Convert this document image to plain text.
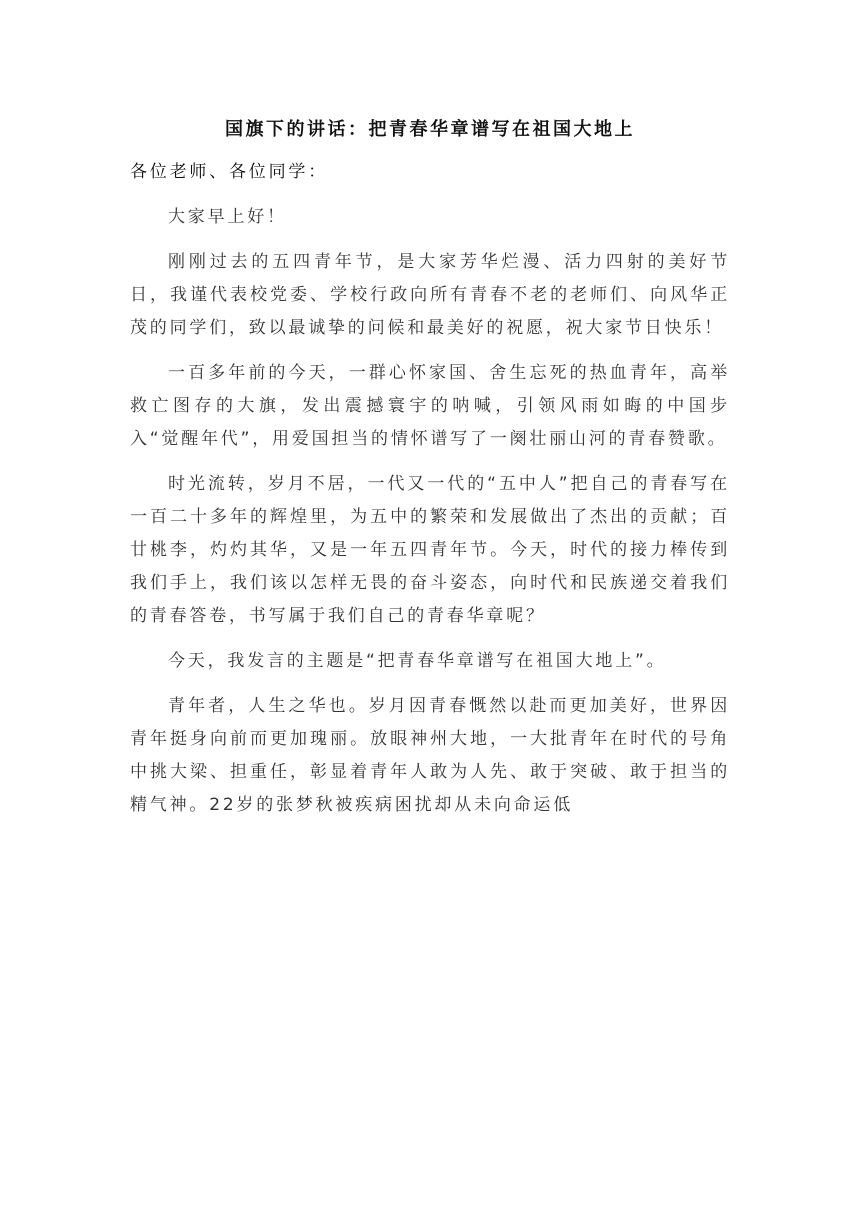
国旗下的讲话：把青春华章谱写在祖国大地上

各位老师、各位同学：

大家早上好！

刚刚过去的五四青年节，是大家芳华烂漫、活力四射的美好节日，我谨代表校党委、学校行政向所有青春不老的老师们、向风华正茂的同学们，致以最诚挚的问候和最美好的祝愿，祝大家节日快乐！

一百多年前的今天，一群心怀家国、舍生忘死的热血青年，高举救亡图存的大旗，发出震撼寰宇的呐喊，引领风雨如晦的中国步入“觉醒年代”，用爱国担当的情怀谱写了一阕壮丽山河的青春赞歌。

时光流转，岁月不居，一代又一代的“五中人”把自己的青春写在一百二十多年的辉煌里，为五中的繁荣和发展做出了杰出的贡献；百廿桃李，灼灼其华，又是一年五四青年节。今天，时代的接力棒传到我们手上，我们该以怎样无畏的奋斗姿态，向时代和民族递交着我们的青春答卷，书写属于我们自己的青春华章呢？

今天，我发言的主题是“把青春华章谱写在祖国大地上”。

青年者，人生之华也。岁月因青春慨然以赴而更加美好，世界因青年挺身向前而更加瑰丽。放眼神州大地，一大批青年在时代的号角中挑大梁、担重任，彰显着青年人敢为人先、敢于突破、敢于担当的精气神。22岁的张梦秋被疾病困扰却从未向命运低
